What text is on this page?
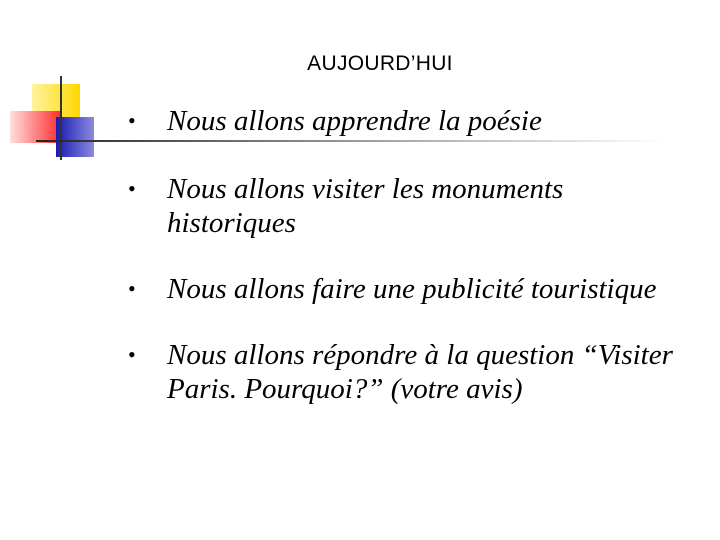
AUJOURD’HUI
• Nous allons apprendre la poésie
• Nous allons visiter les monuments historiques
• Nous allons faire une publicité touristique
• Nous allons répondre à la question “Visiter Paris. Pourquoi?” (votre avis)
